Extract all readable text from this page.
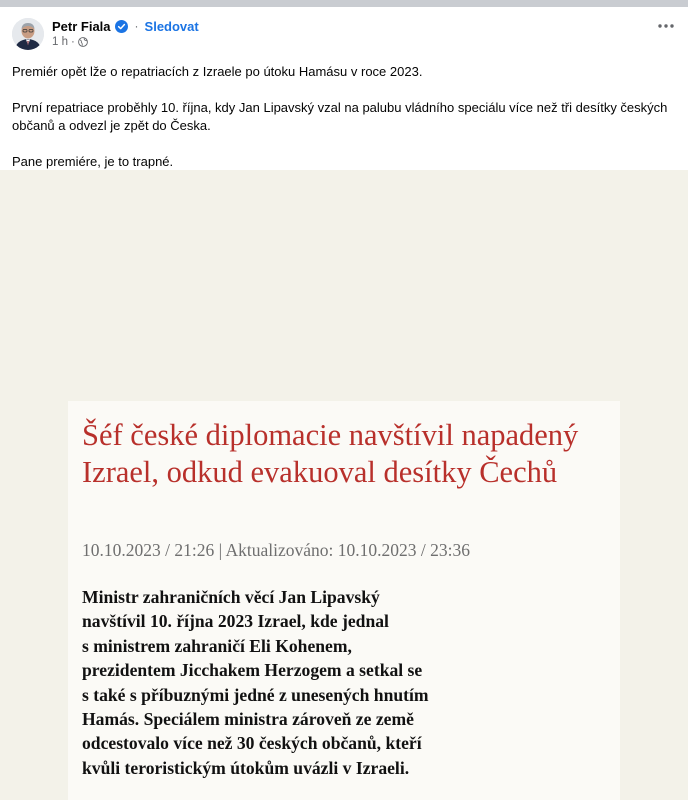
Petr Fiala · Sledovat
1 h ·

Premiér opět lže o repatriacích z Izraele po útoku Hamásu v roce 2023.

První repatriace proběhly 10. října, kdy Jan Lipavský vzal na palubu vládního speciálu více než tři desítky českých občanů a odvezl je zpět do Česka.

Pane premiére, je to trapné.

Šéf české diplomacie navštívil napadený Izrael, odkud evakuoval desítky Čechů
10.10.2023 / 21:26 | Aktualizováno: 10.10.2023 / 23:36
Ministr zahraničních věcí Jan Lipavský
navštívil 10. října 2023 Izrael, kde jednal
s ministrem zahraničí Eli Kohenem,
prezidentem Jicchakem Herzogem a setkal se
s také s příbuznými jedné z unesených hnutím
Hamás. Speciálem ministra zároveň ze země
odcestovalo více než 30 českých občanů, kteří
kvůli teroristickým útokům uvázli v Izraeli.
